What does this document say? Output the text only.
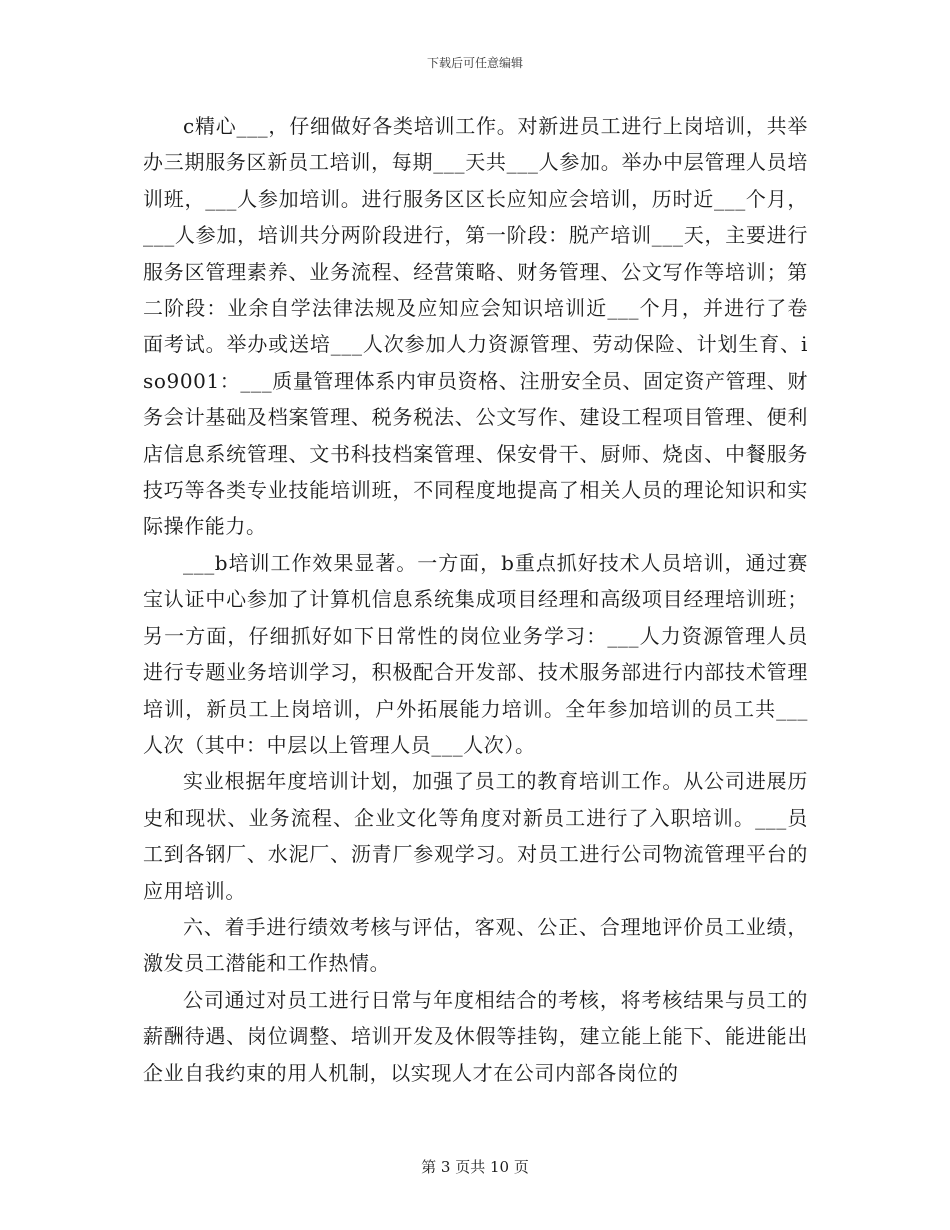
下载后可任意编辑

c精心___，仔细做好各类培训工作。对新进员工进行上岗培训，共举办三期服务区新员工培训，每期___天共___人参加。举办中层管理人员培训班，___人参加培训。进行服务区区长应知应会培训，历时近___个月，___人参加，培训共分两阶段进行，第一阶段：脱产培训___天，主要进行服务区管理素养、业务流程、经营策略、财务管理、公文写作等培训；第二阶段：业余自学法律法规及应知应会知识培训近___个月，并进行了卷面考试。举办或送培___人次参加人力资源管理、劳动保险、计划生育、iso9001：___质量管理体系内审员资格、注册安全员、固定资产管理、财务会计基础及档案管理、税务税法、公文写作、建设工程项目管理、便利店信息系统管理、文书科技档案管理、保安骨干、厨师、烧卤、中餐服务技巧等各类专业技能培训班，不同程度地提高了相关人员的理论知识和实际操作能力。

___b培训工作效果显著。一方面，b重点抓好技术人员培训，通过赛宝认证中心参加了计算机信息系统集成项目经理和高级项目经理培训班；另一方面，仔细抓好如下日常性的岗位业务学习：___人力资源管理人员进行专题业务培训学习，积极配合开发部、技术服务部进行内部技术管理培训，新员工上岗培训，户外拓展能力培训。全年参加培训的员工共___人次（其中：中层以上管理人员___人次）。

实业根据年度培训计划，加强了员工的教育培训工作。从公司进展历史和现状、业务流程、企业文化等角度对新员工进行了入职培训。___员工到各钢厂、水泥厂、沥青厂参观学习。对员工进行公司物流管理平台的应用培训。

六、着手进行绩效考核与评估，客观、公正、合理地评价员工业绩，激发员工潜能和工作热情。

公司通过对员工进行日常与年度相结合的考核，将考核结果与员工的薪酬待遇、岗位调整、培训开发及休假等挂钩，建立能上能下、能进能出企业自我约束的用人机制，以实现人才在公司内部各岗位的

第 3 页共 10 页
